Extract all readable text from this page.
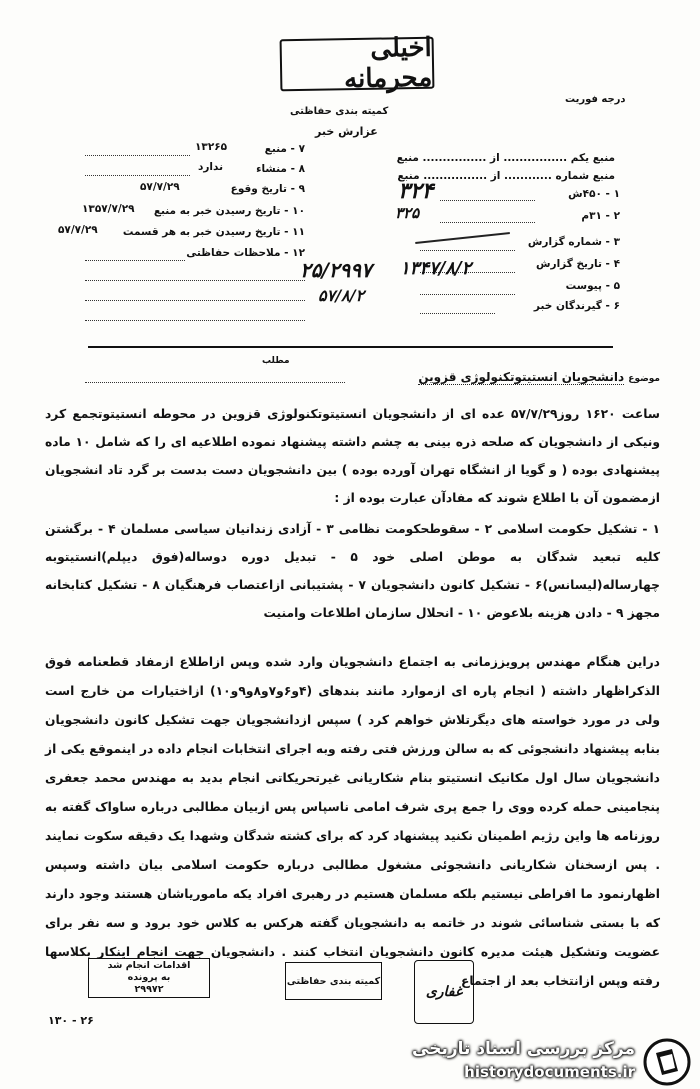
اخیلی محرمانه
درجه فوریت
کمیته بندی حفاظتی
عزارش خبر
منبع یکم ................ از ................ منبع
منبع شماره ............ از ................ منبع
۱ - ۴۵۰ش
۲ - ۳۱م
۳ - شماره گزارش
۴ - تاریخ گزارش
۵ - پیوست
۶ - گیرندگان خبر
۳۲۴
۳۲۵
۲۵/۲۹۹۷
۵۷/۸/۲
۱۳۴۷/۸/۲
۷ - منبع
۸ - منشاء
۹ - تاریخ وقوع
۱۰ - تاریخ رسیدن خبر به منبع
۱۱ - تاریخ رسیدن خبر به هر قسمت
۱۲ - ملاحظات حفاظتی
۱۳۲۶۵
ندارد
۵۷/۷/۲۹
۱۳۵۷/۷/۲۹
۵۷/۷/۲۹
مطلب
موضوع دانشجویان انستیتوتکنولوژی قزوین
ساعت ۱۶۲۰ روز۵۷/۷/۲۹ عده ای از دانشجویان انستیتوتکنولوژی قزوین در محوطه انستیتوتجمع کرد ونیکی از دانشجویان که صلحه ذره بینی به چشم داشته پیشنهاد نموده اطلاعیه ای را که شامل ۱۰ ماده پیشنهادی بوده ( و گویا از انشگاه تهران آورده بوده ) بین دانشجویان دست بدست بر گرد تاد انشجویان ازمضمون آن با اطلاع شوند که مفادآن عبارت بوده از :
۱ - تشکیل حکومت اسلامی ۲ - سقوطحکومت نظامی ۳ - آزادی زندانیان سیاسی مسلمان ۴ - برگشتن کلیه تبعید شدگان به موطن اصلی خود ۵ - تبدیل دوره دوساله(فوق دیپلم)انستیتوبه چهارساله(لیسانس)۶ - تشکیل کانون دانشجویان ۷ - پشتیبانی ازاعتصاب فرهنگیان ۸ - تشکیل کتابخانه مجهز ۹ - دادن هزینه بلاعوض ۱۰ - انحلال سازمان اطلاعات وامنیت
دراین هنگام مهندس پرویززمانی به اجتماع دانشجویان وارد شده وپس ازاطلاع ازمفاد قطعنامه فوق الذکراظهار داشته ( انجام پاره ای ازموارد مانند بندهای (۴و۶و۷و۸و۹و۱۰) ازاختیارات من خارج است ولی در مورد خواسته های دیگرتلاش خواهم کرد ) سپس ازدانشجویان جهت تشکیل کانون دانشجویان بنابه پیشنهاد دانشجوئی که به سالن ورزش فتی رفته وبه اجرای انتخابات انجام داده در اینموقع یکی از دانشجویان سال اول مکانیک انستیتو بنام شکاریانی غیرتحریکاتی انجام بدید به مهندس محمد جعفری پنجامینی حمله کرده ووی را جمع پری شرف امامی ناسپاس پس ازبیان مطالبی درباره ساواک گفته به روزنامه ها واین رژیم اطمینان نکنید پیشنهاد کرد که برای کشته شدگان وشهدا یک دقیقه سکوت نمایند . پس ازسخنان شکاریانی دانشجوئی مشغول مطالبی درباره حکومت اسلامی بیان داشته وسپس اظهارنمود ما افراطی نیستیم بلکه مسلمان هستیم در رهبری افراد یکه ماموریاشان هستند وجود دارند که با بستی شناسائی شوند در خاتمه به دانشجویان گفته هرکس به کلاس خود برود و سه نفر برای عضویت وتشکیل هیئت مدیره کانون دانشجویان انتخاب کنند . دانشجویان جهت انجام اینکار بکلاسها رفته وپس ازانتخاب بعد از اجتماع
اقدامات انجام شد
به پرونده
۲۹۹۷۲
کمیته بندی حفاظتی
غفاری
۱۳۰ - ۲۶
مرکز بررسی اسناد تاریخی
historydocuments.ir
